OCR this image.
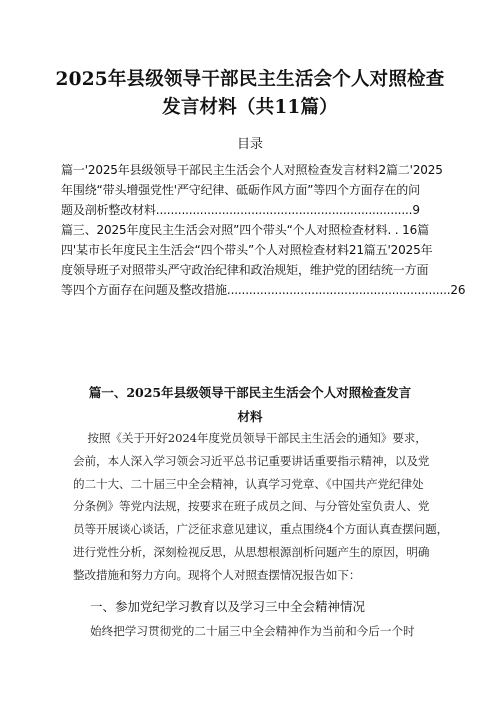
2025年县级领导干部民主生活会个人对照检查
发言材料（共11篇）
目录
篇一'2025年县级领导干部民主生活会个人对照检查发言材料2篇二'2025
年围绕“带头增强党性'严守纪律、砥砺作风方面”等四个方面存在的问
题及剖析整改材料......................................................................9
篇三、2025年度民主生活会对照”四个带头“个人对照检查材料. . 16篇
四'某市长年度民主生活会“四个带头”个人对照检查材料21篇五'2025年
度领导班子对照带头严守政治纪律和政治规矩，维护党的团结统一方面
等四个方面存在问题及整改措施.............................................................26
篇一、2025年县级领导干部民主生活会个人对照检查发言
材料
按照《关于开好2024年度党员领导干部民主生活会的通知》要求，
会前，本人深入学习领会习近平总书记重要讲话重要指示精神，以及党
的二十大、二十届三中全会精神，认真学习党章、《中国共产党纪律处
分条例》等党内法规，按要求在班子成员之间、与分管处室负责人、党
员等开展谈心谈话，广泛征求意见建议，重点围绕4个方面认真查摆问题，
进行党性分析，深刻检视反思，从思想根源剖析问题产生的原因，明确
整改措施和努力方向。现将个人对照查摆情况报告如下：
一、参加党纪学习教育以及学习三中全会精神情况
始终把学习贯彻党的二十届三中全会精神作为当前和今后一个时
